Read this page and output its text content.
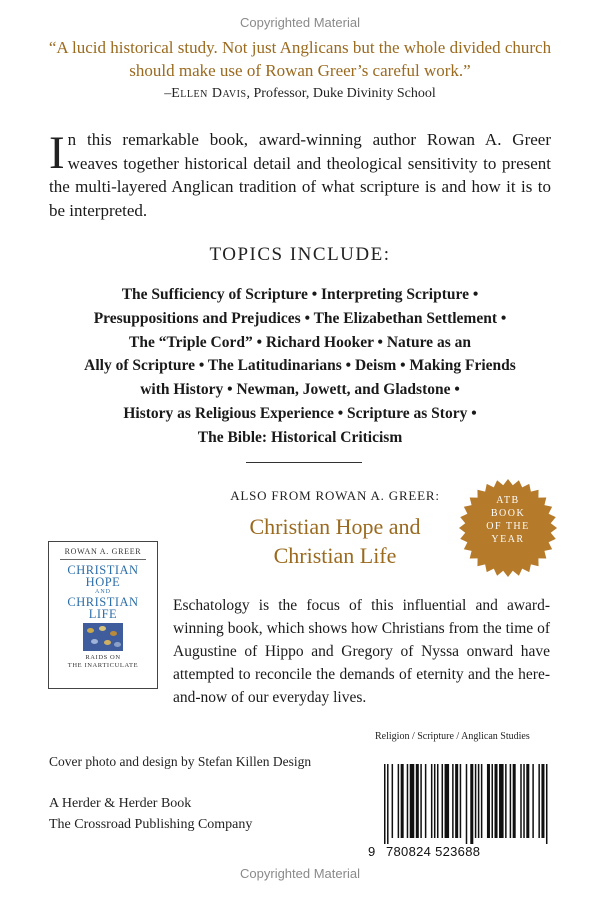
Copyrighted Material
“A lucid historical study. Not just Anglicans but the whole divided church should make use of Rowan Greer’s careful work.”
–Ellen Davis, Professor, Duke Divinity School
In this remarkable book, award-winning author Rowan A. Greer weaves together historical detail and theological sensitivity to present the multi-layered Anglican tradition of what scripture is and how it is to be interpreted.
TOPICS INCLUDE:
The Sufficiency of Scripture • Interpreting Scripture •
Presuppositions and Prejudices • The Elizabethan Settlement •
The “Triple Cord” • Richard Hooker • Nature as an
Ally of Scripture • The Latitudinarians • Deism • Making Friends
with History • Newman, Jowett, and Gladstone •
History as Religious Experience • Scripture as Story •
The Bible: Historical Criticism
ALSO FROM ROWAN A. GREER:
Christian Hope and
Christian Life
ATB
BOOK
OF THE
YEAR
ROWAN A. GREER
CHRISTIAN
HOPE
AND
CHRISTIAN
LIFE
RAIDS ON
THE INARTICULATE
Eschatology is the focus of this influential and award-winning book, which shows how Christians from the time of Augustine of Hippo and Gregory of Nyssa onward have attempted to reconcile the demands of eternity and the here-and-now of our everyday lives.
Religion / Scripture / Anglican Studies
Cover photo and design by Stefan Killen Design
A Herder & Herder Book
The Crossroad Publishing Company
9 780824 523688
Copyrighted Material
